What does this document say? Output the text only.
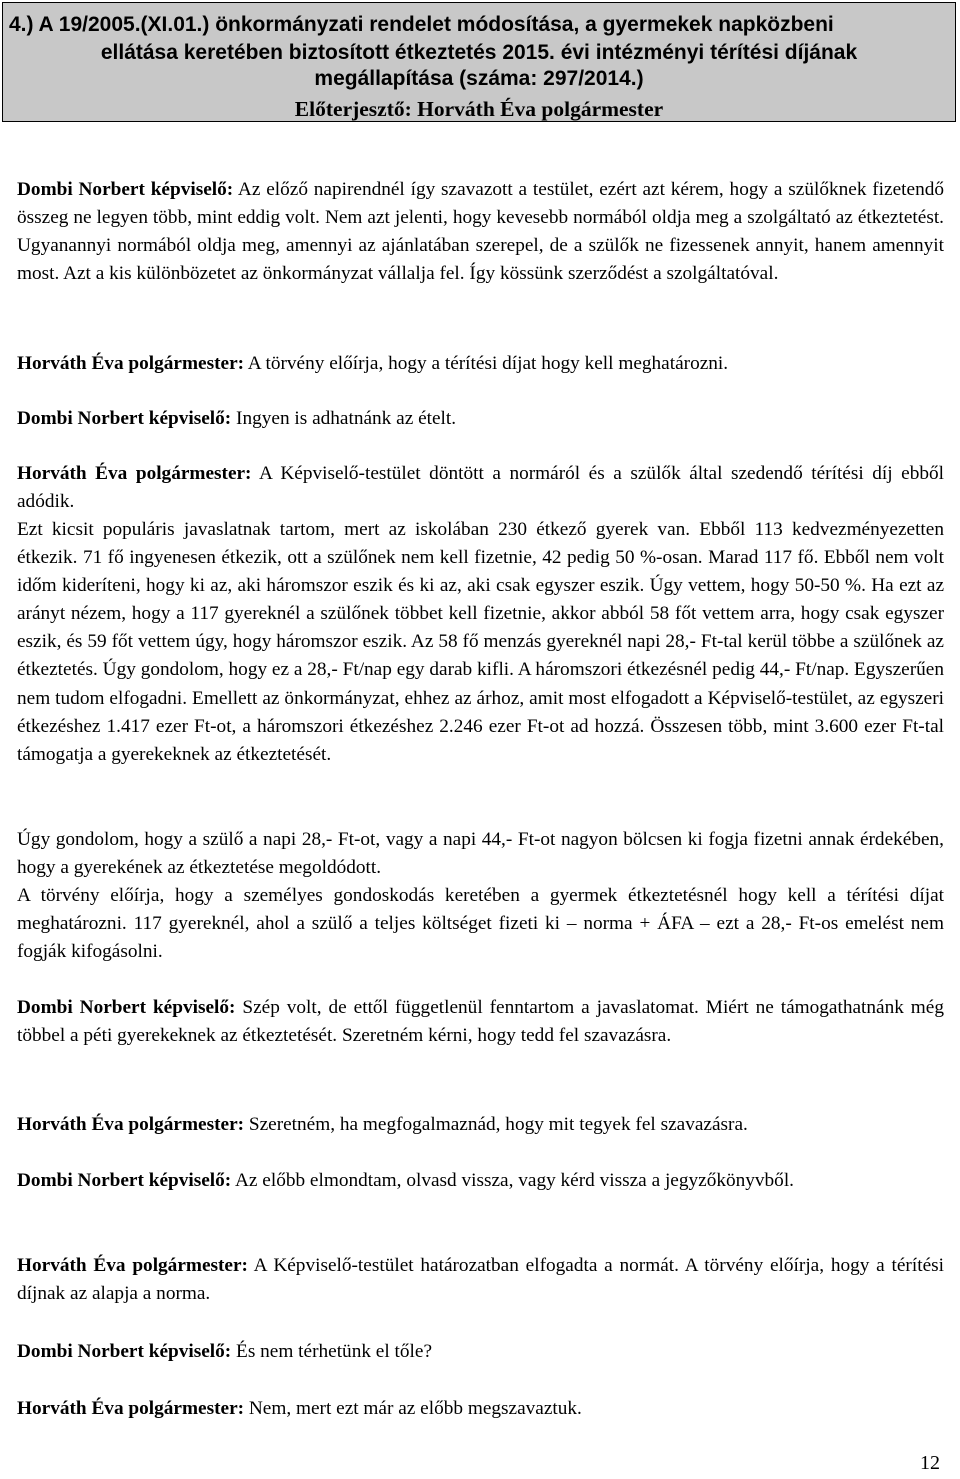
4.) A 19/2005.(XI.01.) önkormányzati rendelet módosítása, a gyermekek napközbeni
ellátása keretében biztosított étkeztetés 2015. évi intézményi térítési díjának
megállapítása (száma: 297/2014.)
Előterjesztő: Horváth Éva polgármester

Dombi Norbert képviselő: Az előző napirendnél így szavazott a testület, ezért azt kérem, hogy a szülőknek fizetendő összeg ne legyen több, mint eddig volt. Nem azt jelenti, hogy kevesebb normából oldja meg a szolgáltató az étkeztetést. Ugyanannyi normából oldja meg, amennyi az ajánlatában szerepel, de a szülők ne fizessenek annyit, hanem amennyit most. Azt a kis különbözetet az önkormányzat vállalja fel. Így kössünk szerződést a szolgáltatóval.

Horváth Éva polgármester: A törvény előírja, hogy a térítési díjat hogy kell meghatározni.

Dombi Norbert képviselő: Ingyen is adhatnánk az ételt.

Horváth Éva polgármester: A Képviselő-testület döntött a normáról és a szülők által szedendő térítési díj ebből adódik.

Ezt kicsit populáris javaslatnak tartom, mert az iskolában 230 étkező gyerek van. Ebből 113 kedvezményezetten étkezik. 71 fő ingyenesen étkezik, ott a szülőnek nem kell fizetnie, 42 pedig 50 %-osan. Marad 117 fő. Ebből nem volt időm kideríteni, hogy ki az, aki háromszor eszik és ki az, aki csak egyszer eszik. Úgy vettem, hogy 50-50 %. Ha ezt az arányt nézem, hogy a 117 gyereknél a szülőnek többet kell fizetnie, akkor abból 58 főt vettem arra, hogy csak egyszer eszik, és 59 főt vettem úgy, hogy háromszor eszik. Az 58 fő menzás gyereknél napi 28,- Ft-tal kerül többe a szülőnek az étkeztetés. Úgy gondolom, hogy ez a 28,- Ft/nap egy darab kifli. A háromszori étkezésnél pedig 44,- Ft/nap. Egyszerűen nem tudom elfogadni. Emellett az önkormányzat, ehhez az árhoz, amit most elfogadott a Képviselő-testület, az egyszeri étkezéshez 1.417 ezer Ft-ot, a háromszori étkezéshez 2.246 ezer Ft-ot ad hozzá. Összesen több, mint 3.600 ezer Ft-tal támogatja a gyerekeknek az étkeztetését.

Úgy gondolom, hogy a szülő a napi 28,- Ft-ot, vagy a napi 44,- Ft-ot nagyon bölcsen ki fogja fizetni annak érdekében, hogy a gyerekének az étkeztetése megoldódott.

A törvény előírja, hogy a személyes gondoskodás keretében a gyermek étkeztetésnél hogy kell a térítési díjat meghatározni. 117 gyereknél, ahol a szülő a teljes költséget fizeti ki – norma + ÁFA – ezt a 28,- Ft-os emelést nem fogják kifogásolni.

Dombi Norbert képviselő: Szép volt, de ettől függetlenül fenntartom a javaslatomat. Miért ne támogathatnánk még többel a péti gyerekeknek az étkeztetését. Szeretném kérni, hogy tedd fel szavazásra.

Horváth Éva polgármester: Szeretném, ha megfogalmaznád, hogy mit tegyek fel szavazásra.

Dombi Norbert képviselő: Az előbb elmondtam, olvasd vissza, vagy kérd vissza a jegyzőkönyvből.

Horváth Éva polgármester: A Képviselő-testület határozatban elfogadta a normát. A törvény előírja, hogy a térítési díjnak az alapja a norma.

Dombi Norbert képviselő: És nem térhetünk el tőle?

Horváth Éva polgármester: Nem, mert ezt már az előbb megszavaztuk.

12
